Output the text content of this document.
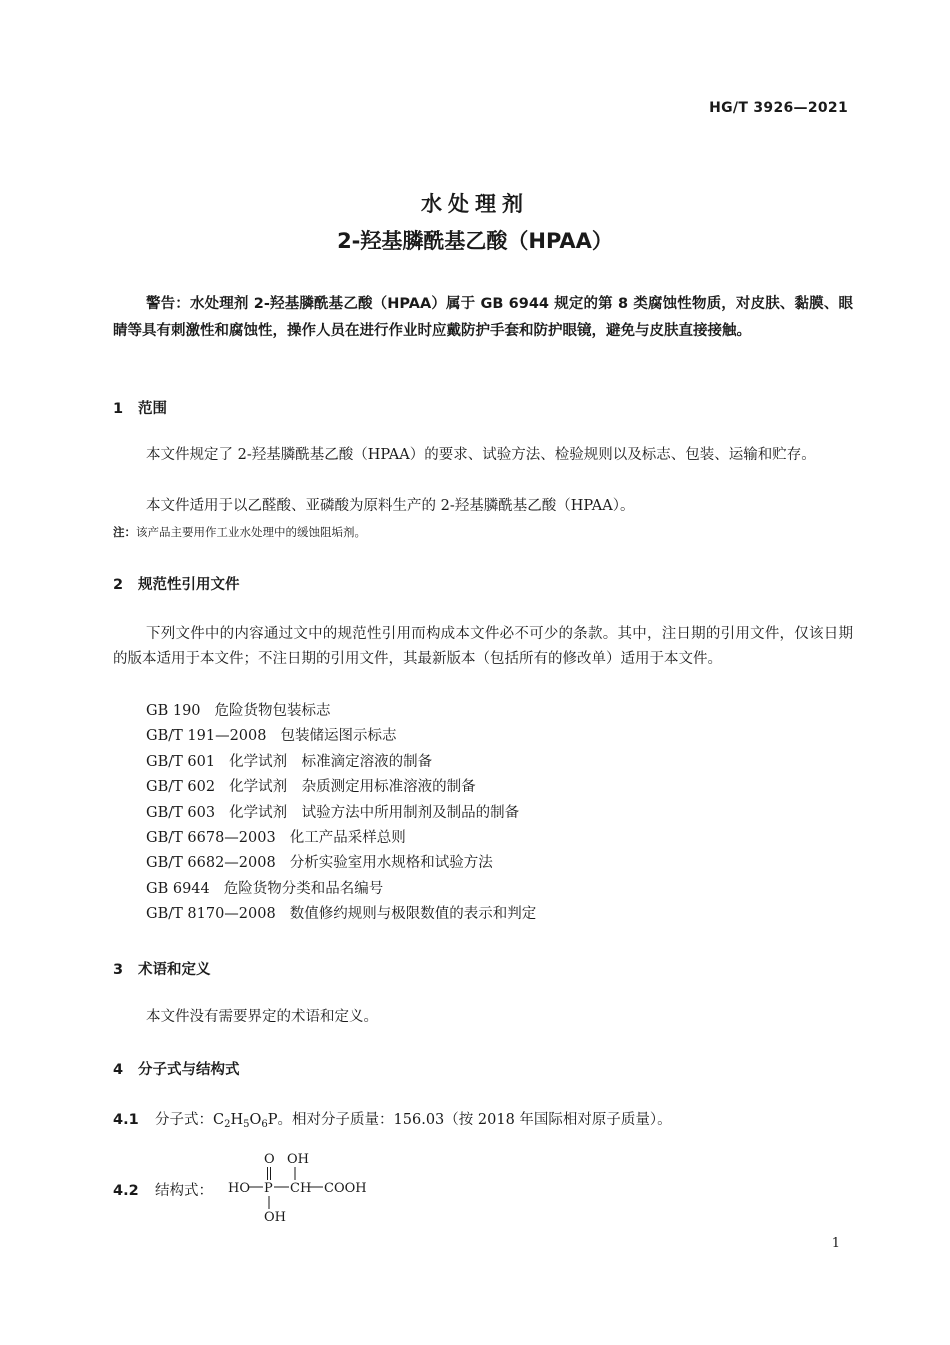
HG/T 3926—2021
水处理剂
2-羟基膦酰基乙酸（HPAA）
警告：水处理剂 2-羟基膦酰基乙酸（HPAA）属于 GB 6944 规定的第 8 类腐蚀性物质，对皮肤、黏膜、眼睛等具有刺激性和腐蚀性，操作人员在进行作业时应戴防护手套和防护眼镜，避免与皮肤直接接触。
1 范围
本文件规定了 2-羟基膦酰基乙酸（HPAA）的要求、试验方法、检验规则以及标志、包装、运输和贮存。
本文件适用于以乙醛酸、亚磷酸为原料生产的 2-羟基膦酰基乙酸（HPAA）。
注：该产品主要用作工业水处理中的缓蚀阻垢剂。
2 规范性引用文件
下列文件中的内容通过文中的规范性引用而构成本文件必不可少的条款。其中，注日期的引用文件，仅该日期的版本适用于本文件；不注日期的引用文件，其最新版本（包括所有的修改单）适用于本文件。
GB 190 危险货物包装标志
GB/T 191—2008 包装储运图示标志
GB/T 601 化学试剂　标准滴定溶液的制备
GB/T 602 化学试剂　杂质测定用标准溶液的制备
GB/T 603 化学试剂　试验方法中所用制剂及制品的制备
GB/T 6678—2003 化工产品采样总则
GB/T 6682—2008 分析实验室用水规格和试验方法
GB 6944 危险货物分类和品名编号
GB/T 8170—2008 数值修约规则与极限数值的表示和判定
3 术语和定义
本文件没有需要界定的术语和定义。
4 分子式与结构式
4.1 分子式：$C_2H_5O_6P$。相对分子质量：156.03（按 2018 年国际相对原子质量）。
4.2 结构式：
O OH
HO P CH COOH
OH
1
